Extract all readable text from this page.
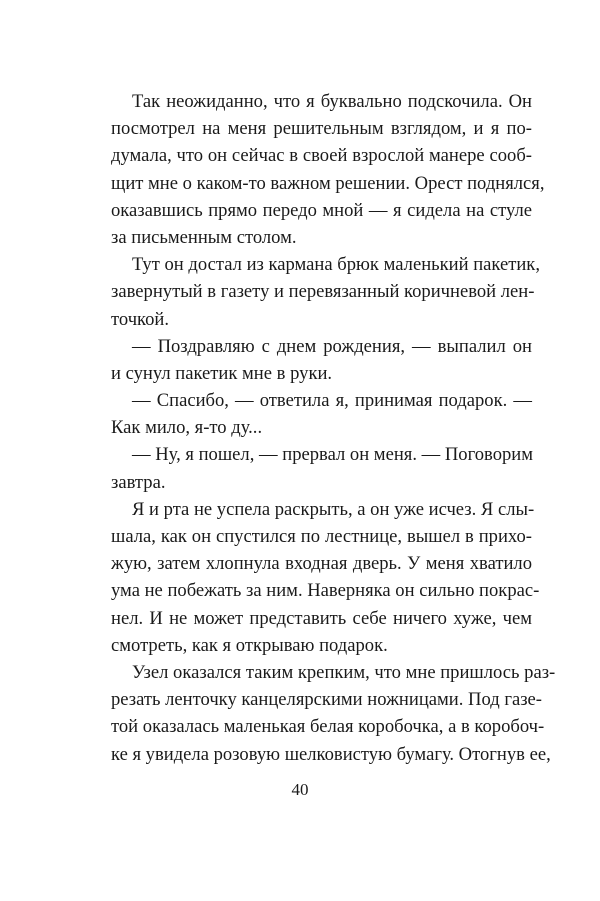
Так неожиданно, что я буквально подскочила. Он
посмотрел на меня решительным взглядом, и я по-
думала, что он сейчас в своей взрослой манере сооб-
щит мне о каком-то важном решении. Орест поднялся,
оказавшись прямо передо мной — я сидела на стуле
за письменным столом.
Тут он достал из кармана брюк маленький пакетик,
завернутый в газету и перевязанный коричневой лен-
точкой.
— Поздравляю с днем рождения, — выпалил он
и сунул пакетик мне в руки.
— Спасибо, — ответила я, принимая подарок. —
Как мило, я-то ду...
— Ну, я пошел, — прервал он меня. — Поговорим
завтра.
Я и рта не успела раскрыть, а он уже исчез. Я слы-
шала, как он спустился по лестнице, вышел в прихо-
жую, затем хлопнула входная дверь. У меня хватило
ума не побежать за ним. Наверняка он сильно покрас-
нел. И не может представить себе ничего хуже, чем
смотреть, как я открываю подарок.
Узел оказался таким крепким, что мне пришлось раз-
резать ленточку канцелярскими ножницами. Под газе-
той оказалась маленькая белая коробочка, а в коробоч-
ке я увидела розовую шелковистую бумагу. Отогнув ее,
40
